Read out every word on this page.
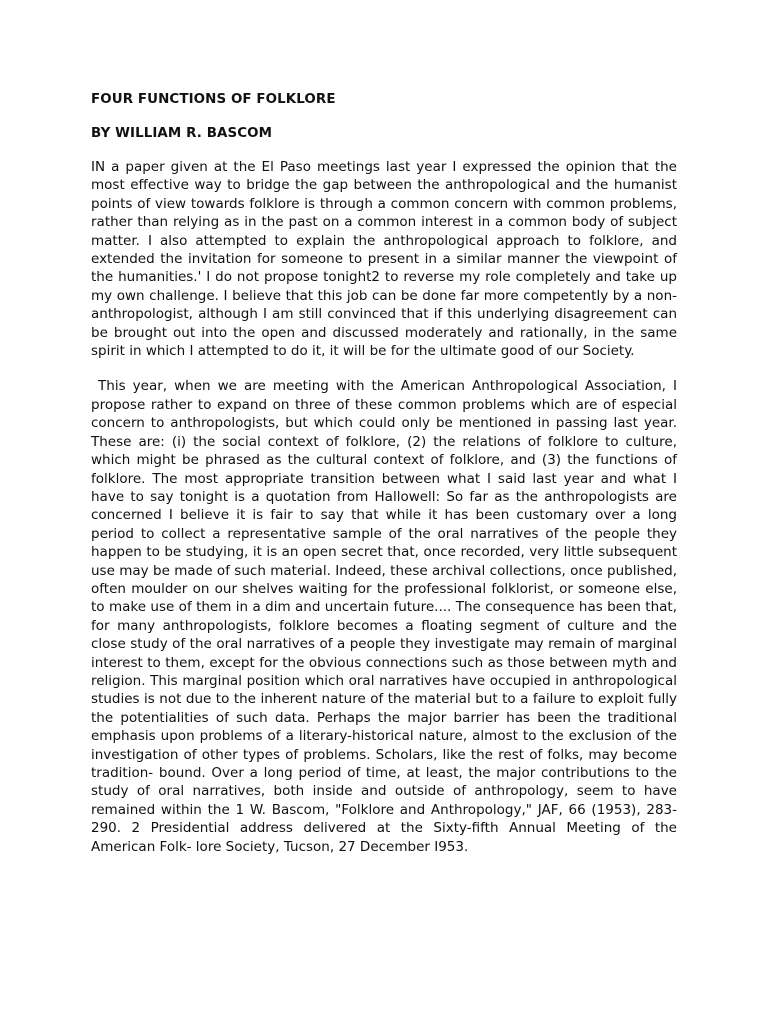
FOUR FUNCTIONS OF FOLKLORE
BY WILLIAM R. BASCOM

IN a paper given at the El Paso meetings last year I expressed the opinion that the most effective way to bridge the gap between the anthropological and the humanist points of view towards folklore is through a common concern with common problems, rather than relying as in the past on a common interest in a common body of subject matter. I also attempted to explain the anthropological approach to folklore, and extended the invitation for someone to present in a similar manner the viewpoint of the humanities.' I do not propose tonight2 to reverse my role completely and take up my own challenge. I believe that this job can be done far more competently by a non-anthropologist, although I am still convinced that if this underlying disagreement can be brought out into the open and discussed moderately and rationally, in the same spirit in which I attempted to do it, it will be for the ultimate good of our Society.

This year, when we are meeting with the American Anthropological Association, I propose rather to expand on three of these common problems which are of especial concern to anthropologists, but which could only be mentioned in passing last year. These are: (i) the social context of folklore, (2) the relations of folklore to culture, which might be phrased as the cultural context of folklore, and (3) the functions of folklore. The most appropriate transition between what I said last year and what I have to say tonight is a quotation from Hallowell: So far as the anthropologists are concerned I believe it is fair to say that while it has been customary over a long period to collect a representative sample of the oral narratives of the people they happen to be studying, it is an open secret that, once recorded, very little subsequent use may be made of such material. Indeed, these archival collections, once published, often moulder on our shelves waiting for the professional folklorist, or someone else, to make use of them in a dim and uncertain future.... The consequence has been that, for many anthropologists, folklore becomes a floating segment of culture and the close study of the oral narratives of a people they investigate may remain of marginal interest to them, except for the obvious connections such as those between myth and religion. This marginal position which oral narratives have occupied in anthropological studies is not due to the inherent nature of the material but to a failure to exploit fully the potentialities of such data. Perhaps the major barrier has been the traditional emphasis upon problems of a literary-historical nature, almost to the exclusion of the investigation of other types of problems. Scholars, like the rest of folks, may become tradition- bound. Over a long period of time, at least, the major contributions to the study of oral narratives, both inside and outside of anthropology, seem to have remained within the 1 W. Bascom, "Folklore and Anthropology," JAF, 66 (1953), 283-290. 2 Presidential address delivered at the Sixty-fifth Annual Meeting of the American Folk- lore Society, Tucson, 27 December I953.
